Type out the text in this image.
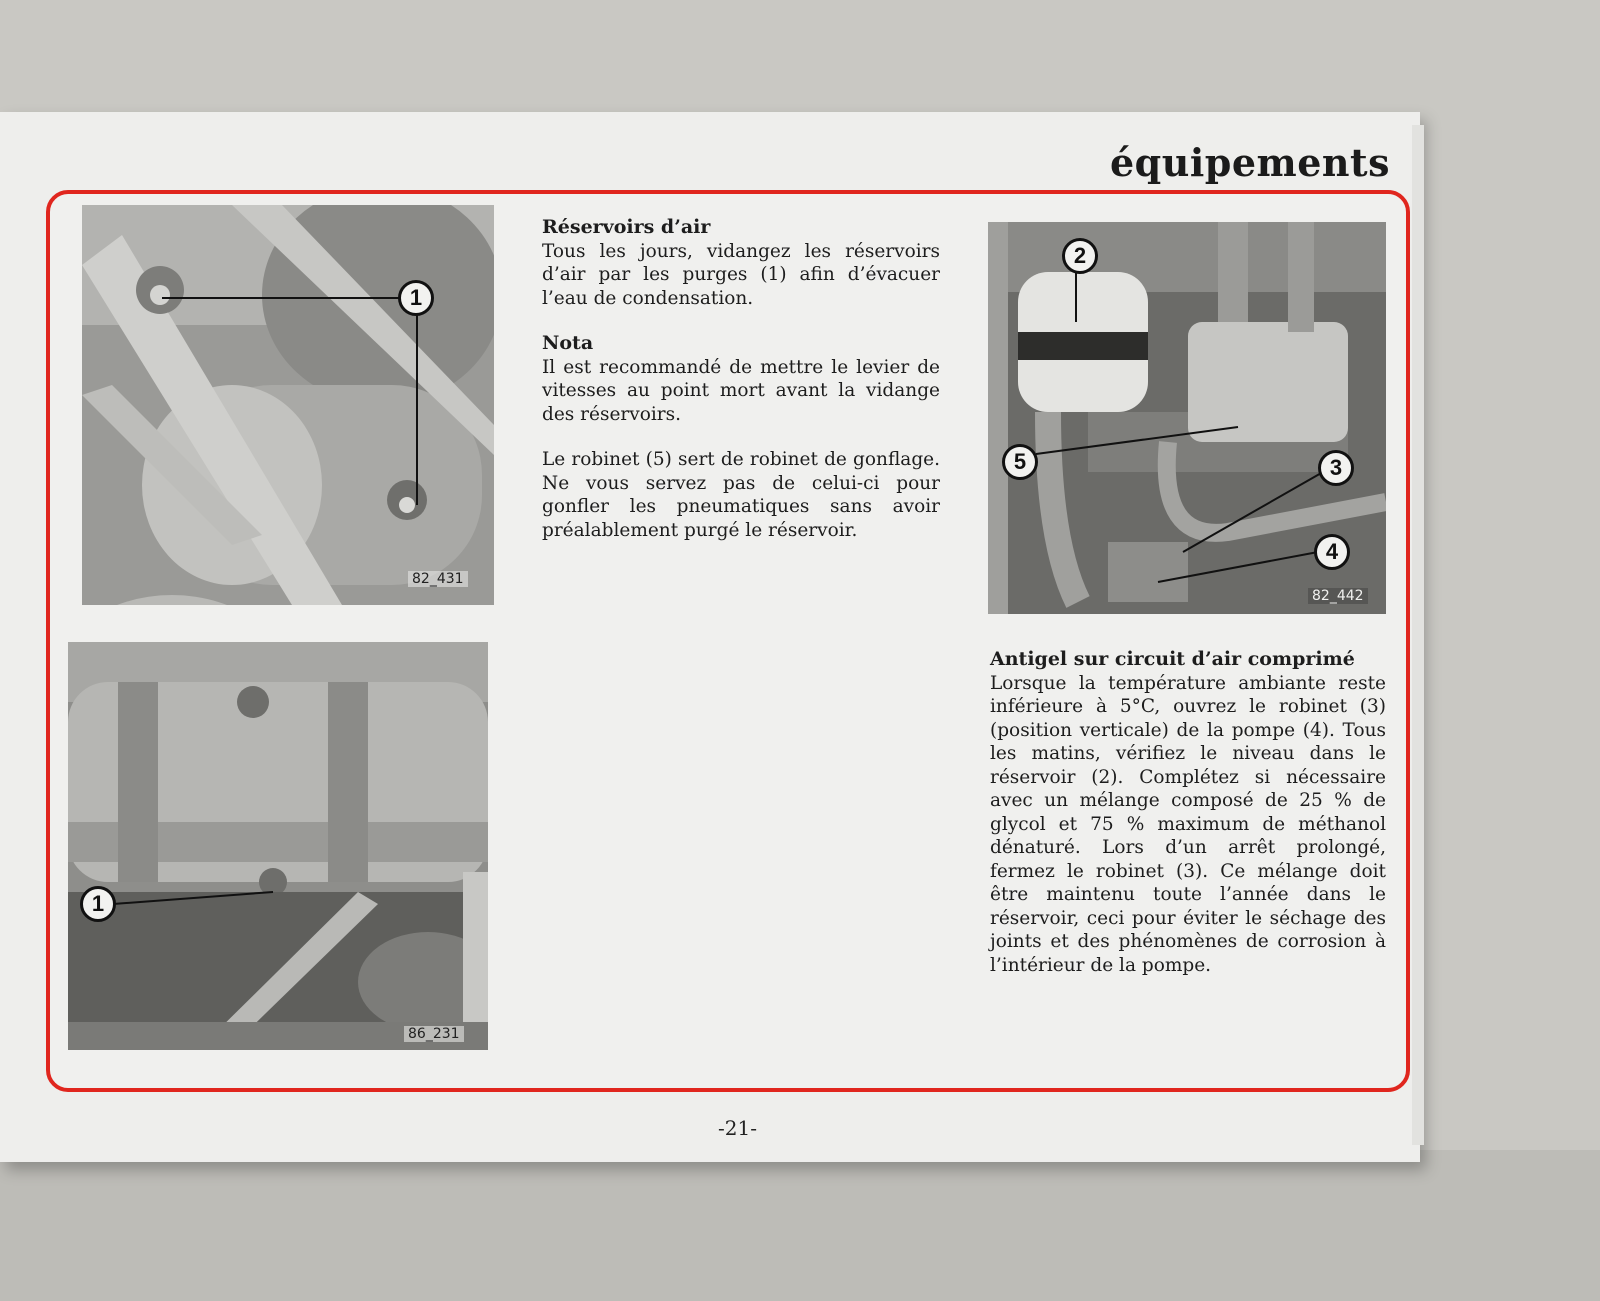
équipements
1
82_431
1
86_231
Réservoirs d’air

Tous les jours, vidangez les réservoirs d’air par les purges (1) afin d’évacuer l’eau de condensation.

Nota

Il est recommandé de mettre le levier de vitesses au point mort avant la vidange des réservoirs.

Le robinet (5) sert de robinet de gonflage. Ne vous servez pas de celui-ci pour gonfler les pneumatiques sans avoir préalablement purgé le réservoir.

2
5	3
4
82_442
Antigel sur circuit d’air comprimé

Lorsque la température ambiante reste inférieure à 5°C, ouvrez le robinet (3) (position verticale) de la pompe (4). Tous les matins, vérifiez le niveau dans le réservoir (2). Complétez si nécessaire avec un mélange composé de 25 % de glycol et 75 % maximum de méthanol dénaturé. Lors d’un arrêt prolongé, fermez le robinet (3). Ce mélange doit être maintenu toute l’année dans le réservoir, ceci pour éviter le séchage des joints et des phénomènes de corrosion à l’intérieur de la pompe.

-21-
